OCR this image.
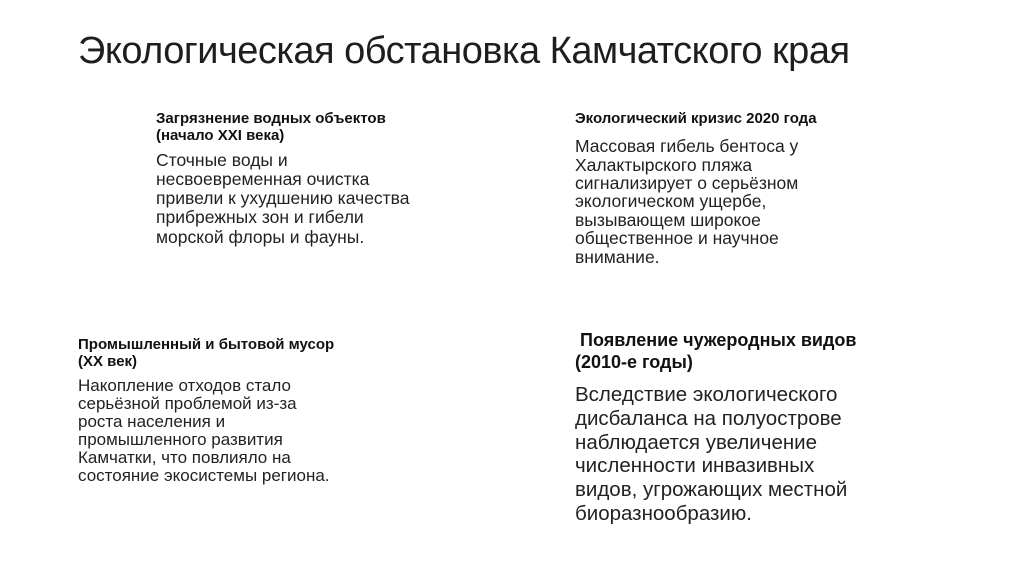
Экологическая обстановка Камчатского края
Загрязнение водных объектов
(начало XXI века)
Сточные воды и
несвоевременная очистка
привели к ухудшению качества
прибрежных зон и гибели
морской флоры и фауны.
Экологический кризис 2020 года
Массовая гибель бентоса у
Халактырского пляжа
сигнализирует о серьёзном
экологическом ущербе,
вызывающем широкое
общественное и научное
внимание.
Промышленный и бытовой мусор
(XX век)
Накопление отходов стало
серьёзной проблемой из-за
роста населения и
промышленного развития
Камчатки, что повлияло на
состояние экосистемы региона.
Появление чужеродных видов
(2010-е годы)
Вследствие экологического
дисбаланса на полуострове
наблюдается увеличение
численности инвазивных
видов, угрожающих местной
биоразнообразию.
